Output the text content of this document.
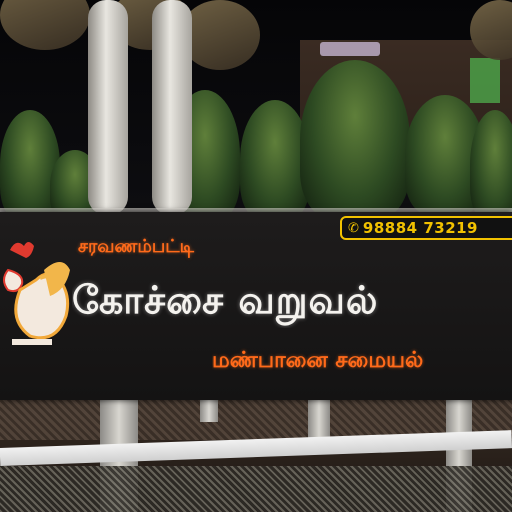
✆ 98884 73219
சரவணம்பட்டி
கோச்சை வறுவல்
மண்பானை சமையல்
